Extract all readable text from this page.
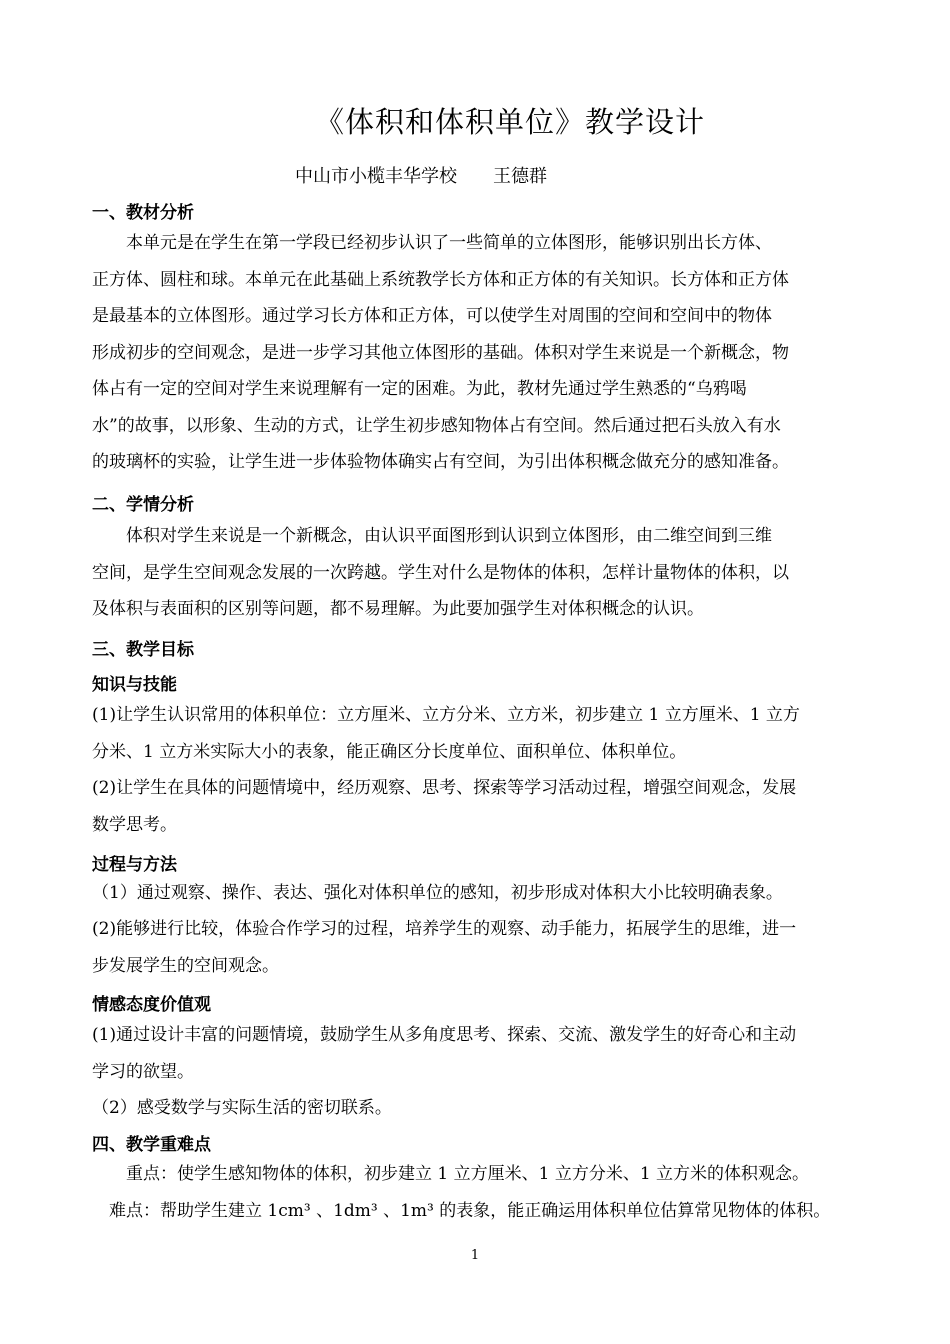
《体积和体积单位》教学设计
中山市小榄丰华学校　　王德群
一、教材分析
　　本单元是在学生在第一学段已经初步认识了一些简单的立体图形，能够识别出长方体、
正方体、圆柱和球。本单元在此基础上系统教学长方体和正方体的有关知识。长方体和正方体
是最基本的立体图形。通过学习长方体和正方体，可以使学生对周围的空间和空间中的物体
形成初步的空间观念，是进一步学习其他立体图形的基础。体积对学生来说是一个新概念，物
体占有一定的空间对学生来说理解有一定的困难。为此，教材先通过学生熟悉的“乌鸦喝
水”的故事，以形象、生动的方式，让学生初步感知物体占有空间。然后通过把石头放入有水
的玻璃杯的实验，让学生进一步体验物体确实占有空间，为引出体积概念做充分的感知准备。
二、学情分析
　　体积对学生来说是一个新概念，由认识平面图形到认识到立体图形，由二维空间到三维
空间，是学生空间观念发展的一次跨越。学生对什么是物体的体积，怎样计量物体的体积，以
及体积与表面积的区别等问题，都不易理解。为此要加强学生对体积概念的认识。
三、教学目标
知识与技能
(1)让学生认识常用的体积单位：立方厘米、立方分米、立方米，初步建立 1 立方厘米、1 立方
分米、1 立方米实际大小的表象，能正确区分长度单位、面积单位、体积单位。
(2)让学生在具体的问题情境中，经历观察、思考、探索等学习活动过程，增强空间观念，发展
数学思考。
过程与方法
（1）通过观察、操作、表达、强化对体积单位的感知，初步形成对体积大小比较明确表象。
(2)能够进行比较，体验合作学习的过程，培养学生的观察、动手能力，拓展学生的思维，进一
步发展学生的空间观念。
情感态度价值观
(1)通过设计丰富的问题情境，鼓励学生从多角度思考、探索、交流、激发学生的好奇心和主动
学习的欲望。
（2）感受数学与实际生活的密切联系。
四、教学重难点
　　重点：使学生感知物体的体积，初步建立 1 立方厘米、1 立方分米、1 立方米的体积观念。
　难点：帮助学生建立 1cm³ 、1dm³ 、1m³ 的表象，能正确运用体积单位估算常见物体的体积。
1
